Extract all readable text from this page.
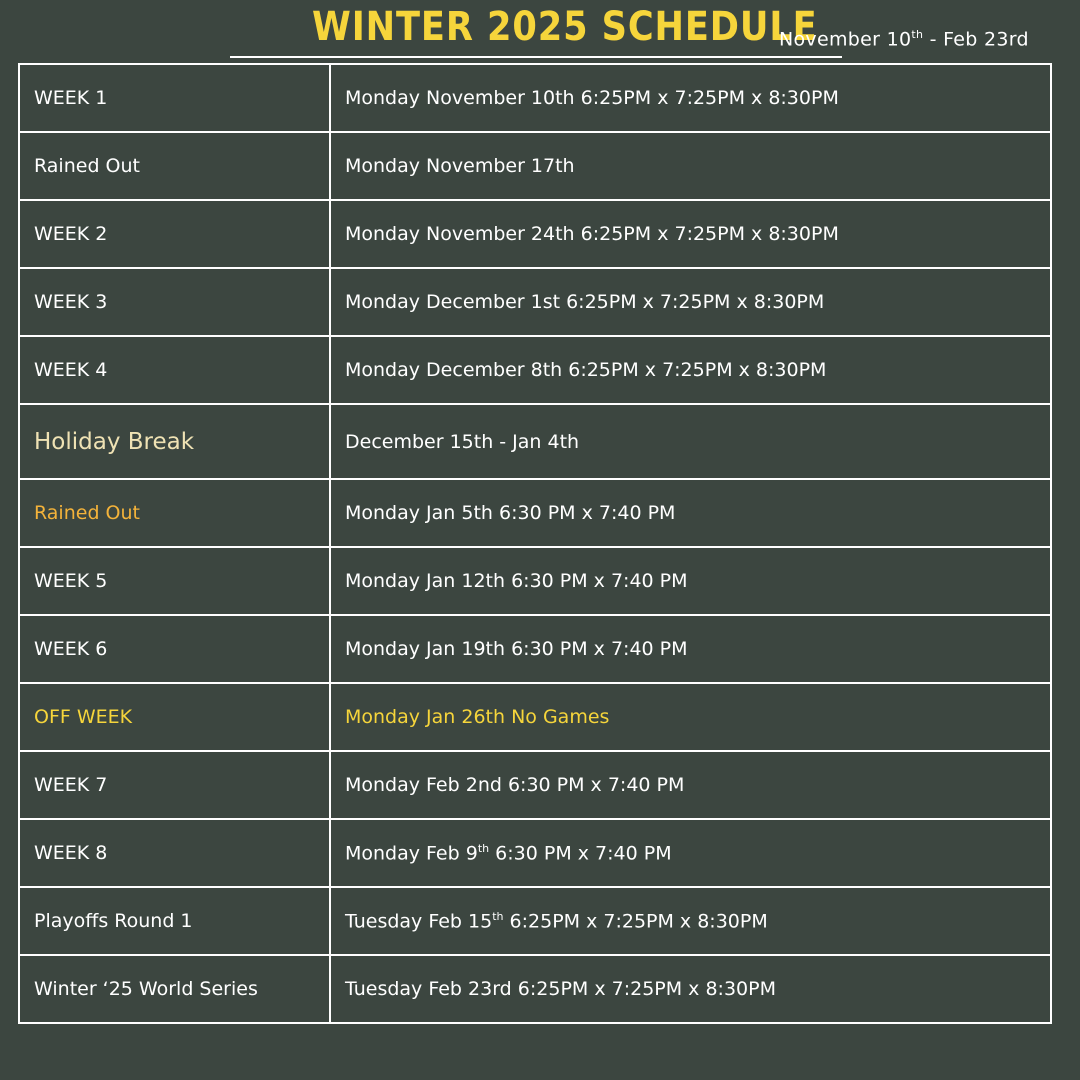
WINTER 2025 SCHEDULE
November 10th - Feb 23rd
WEEK 1	Monday November 10th 6:25PM x 7:25PM x 8:30PM
Rained Out	Monday November 17th
WEEK 2	Monday November 24th 6:25PM x 7:25PM x 8:30PM
WEEK 3	Monday December 1st 6:25PM x 7:25PM x 8:30PM
WEEK 4	Monday December 8th 6:25PM x 7:25PM x 8:30PM
Holiday Break	December 15th - Jan 4th
Rained Out	Monday Jan 5th 6:30 PM x 7:40 PM
WEEK 5	Monday Jan 12th 6:30 PM x 7:40 PM
WEEK 6	Monday Jan 19th 6:30 PM x 7:40 PM
OFF WEEK	Monday Jan 26th No Games
WEEK 7	Monday Feb 2nd 6:30 PM x 7:40 PM
WEEK 8	Monday Feb 9th 6:30 PM x 7:40 PM
Playoffs Round 1	Tuesday Feb 15th 6:25PM x 7:25PM x 8:30PM
Winter ‘25 World Series	Tuesday Feb 23rd 6:25PM x 7:25PM x 8:30PM
